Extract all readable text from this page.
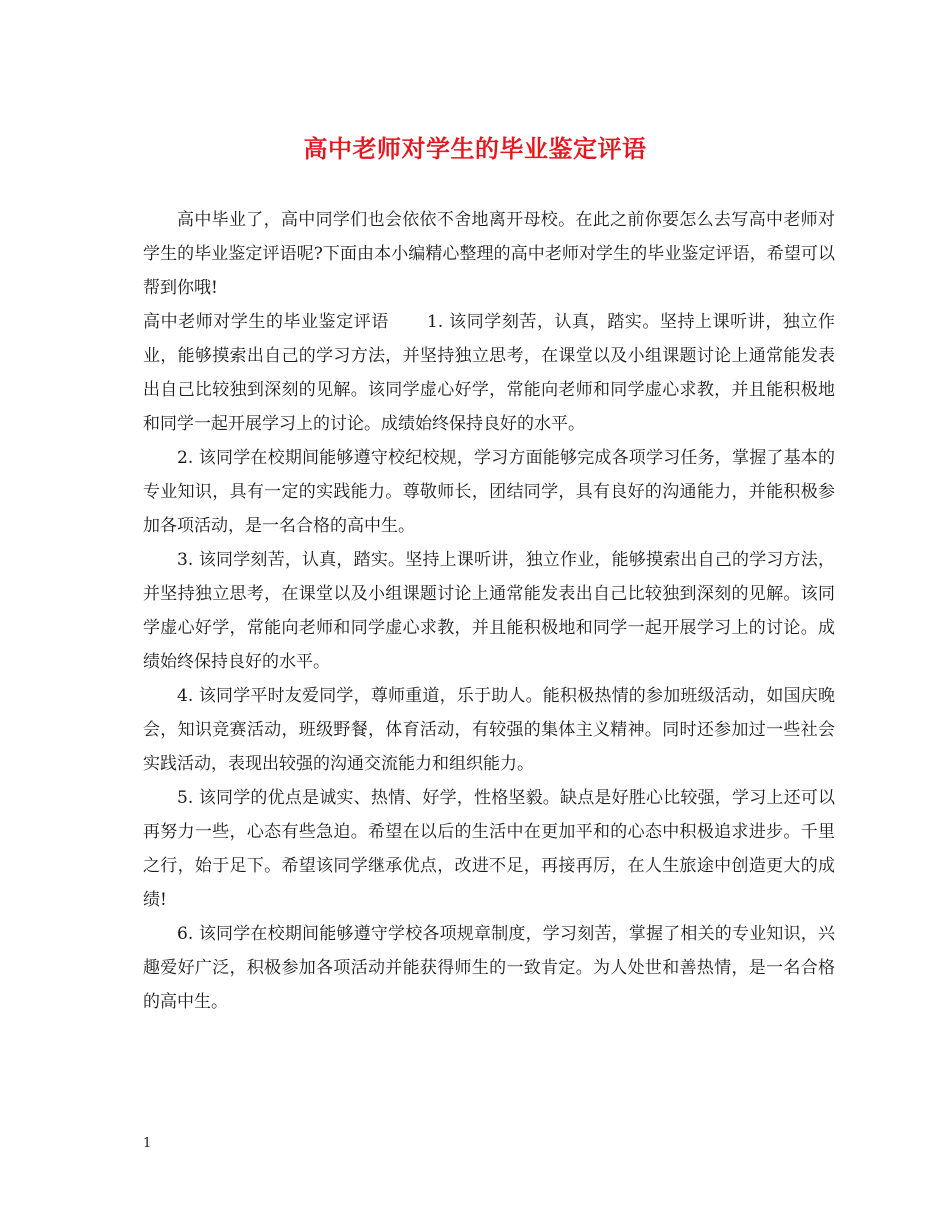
高中老师对学生的毕业鉴定评语

高中毕业了，高中同学们也会依依不舍地离开母校。在此之前你要怎么去写高中老师对学生的毕业鉴定评语呢?下面由本小编精心整理的高中老师对学生的毕业鉴定评语，希望可以帮到你哦!

高中老师对学生的毕业鉴定评语 1. 该同学刻苦，认真，踏实。坚持上课听讲，独立作业，能够摸索出自己的学习方法，并坚持独立思考，在课堂以及小组课题讨论上通常能发表出自己比较独到深刻的见解。该同学虚心好学，常能向老师和同学虚心求教，并且能积极地和同学一起开展学习上的讨论。成绩始终保持良好的水平。

2. 该同学在校期间能够遵守校纪校规，学习方面能够完成各项学习任务，掌握了基本的专业知识，具有一定的实践能力。尊敬师长，团结同学，具有良好的沟通能力，并能积极参加各项活动，是一名合格的高中生。

3. 该同学刻苦，认真，踏实。坚持上课听讲，独立作业，能够摸索出自己的学习方法，并坚持独立思考，在课堂以及小组课题讨论上通常能发表出自己比较独到深刻的见解。该同学虚心好学，常能向老师和同学虚心求教，并且能积极地和同学一起开展学习上的讨论。成绩始终保持良好的水平。

4. 该同学平时友爱同学，尊师重道，乐于助人。能积极热情的参加班级活动，如国庆晚会，知识竞赛活动，班级野餐，体育活动，有较强的集体主义精神。同时还参加过一些社会实践活动，表现出较强的沟通交流能力和组织能力。

5. 该同学的优点是诚实、热情、好学，性格坚毅。缺点是好胜心比较强，学习上还可以再努力一些，心态有些急迫。希望在以后的生活中在更加平和的心态中积极追求进步。千里之行，始于足下。希望该同学继承优点，改进不足，再接再厉，在人生旅途中创造更大的成绩!

6. 该同学在校期间能够遵守学校各项规章制度，学习刻苦，掌握了相关的专业知识，兴趣爱好广泛，积极参加各项活动并能获得师生的一致肯定。为人处世和善热情，是一名合格的高中生。

1
